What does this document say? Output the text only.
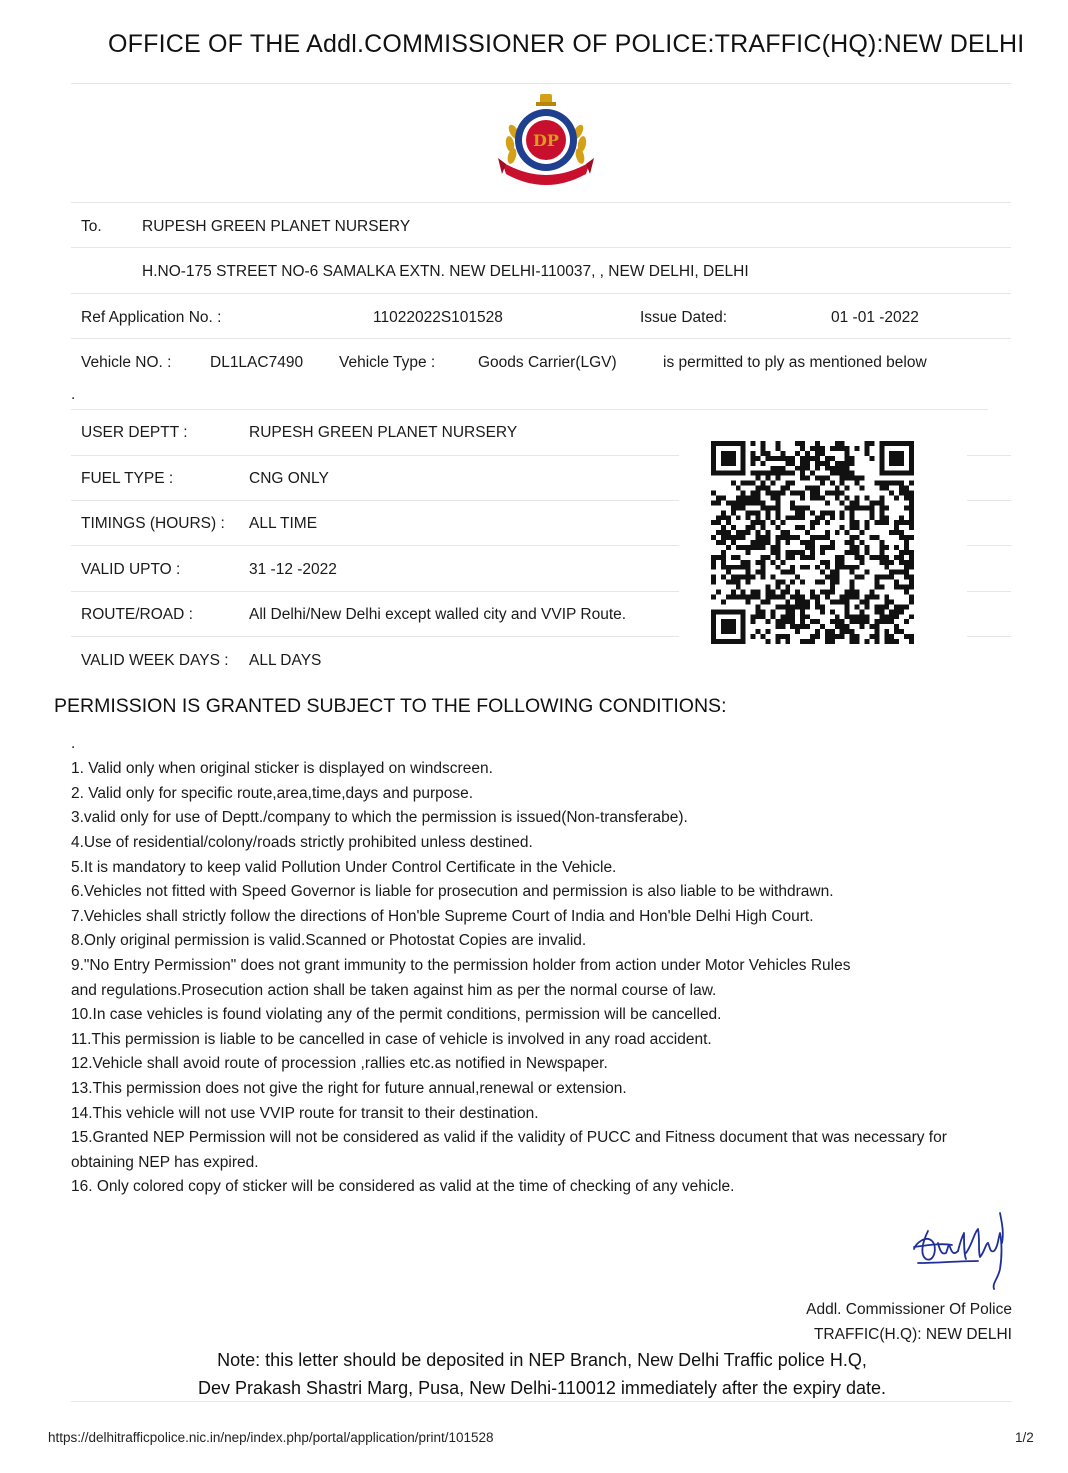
OFFICE OF THE Addl.COMMISSIONER OF POLICE:TRAFFIC(HQ):NEW DELHI
DP
To.	RUPESH GREEN PLANET NURSERY
H.NO-175 STREET NO-6 SAMALKA EXTN. NEW DELHI-110037, , NEW DELHI, DELHI
Ref Application No. :	11022022S101528	Issue Dated:	01 -01 -2022
Vehicle NO. : DL1LAC7490 Vehicle Type :	Goods Carrier(LGV)	is permitted to ply as mentioned below
.
USER DEPTT :	RUPESH GREEN PLANET NURSERY
FUEL TYPE :	CNG ONLY
TIMINGS (HOURS) : ALL TIME
VALID UPTO :	31 -12 -2022
ROUTE/ROAD :	All Delhi/New Delhi except walled city and VVIP Route.
VALID WEEK DAYS : ALL DAYS
PERMISSION IS GRANTED SUBJECT TO THE FOLLOWING CONDITIONS:
.
1. Valid only when original sticker is displayed on windscreen.
2. Valid only for specific route,area,time,days and purpose.
3.valid only for use of Deptt./company to which the permission is issued(Non-transferabe).
4.Use of residential/colony/roads strictly prohibited unless destined.
5.It is mandatory to keep valid Pollution Under Control Certificate in the Vehicle.
6.Vehicles not fitted with Speed Governor is liable for prosecution and permission is also liable to be withdrawn.
7.Vehicles shall strictly follow the directions of Hon'ble Supreme Court of India and Hon'ble Delhi High Court.
8.Only original permission is valid.Scanned or Photostat Copies are invalid.
9."No Entry Permission" does not grant immunity to the permission holder from action under Motor Vehicles Rules
and regulations.Prosecution action shall be taken against him as per the normal course of law.
10.In case vehicles is found violating any of the permit conditions, permission will be cancelled.
11.This permission is liable to be cancelled in case of vehicle is involved in any road accident.
12.Vehicle shall avoid route of procession ,rallies etc.as notified in Newspaper.
13.This permission does not give the right for future annual,renewal or extension.
14.This vehicle will not use VVIP route for transit to their destination.
15.Granted NEP Permission will not be considered as valid if the validity of PUCC and Fitness document that was necessary for
obtaining NEP has expired.
16. Only colored copy of sticker will be considered as valid at the time of checking of any vehicle.
Addl. Commissioner Of Police
TRAFFIC(H.Q): NEW DELHI
Note: this letter should be deposited in NEP Branch, New Delhi Traffic police H.Q,
Dev Prakash Shastri Marg, Pusa, New Delhi-110012 immediately after the expiry date.
https://delhitrafficpolice.nic.in/nep/index.php/portal/application/print/101528	1/2
